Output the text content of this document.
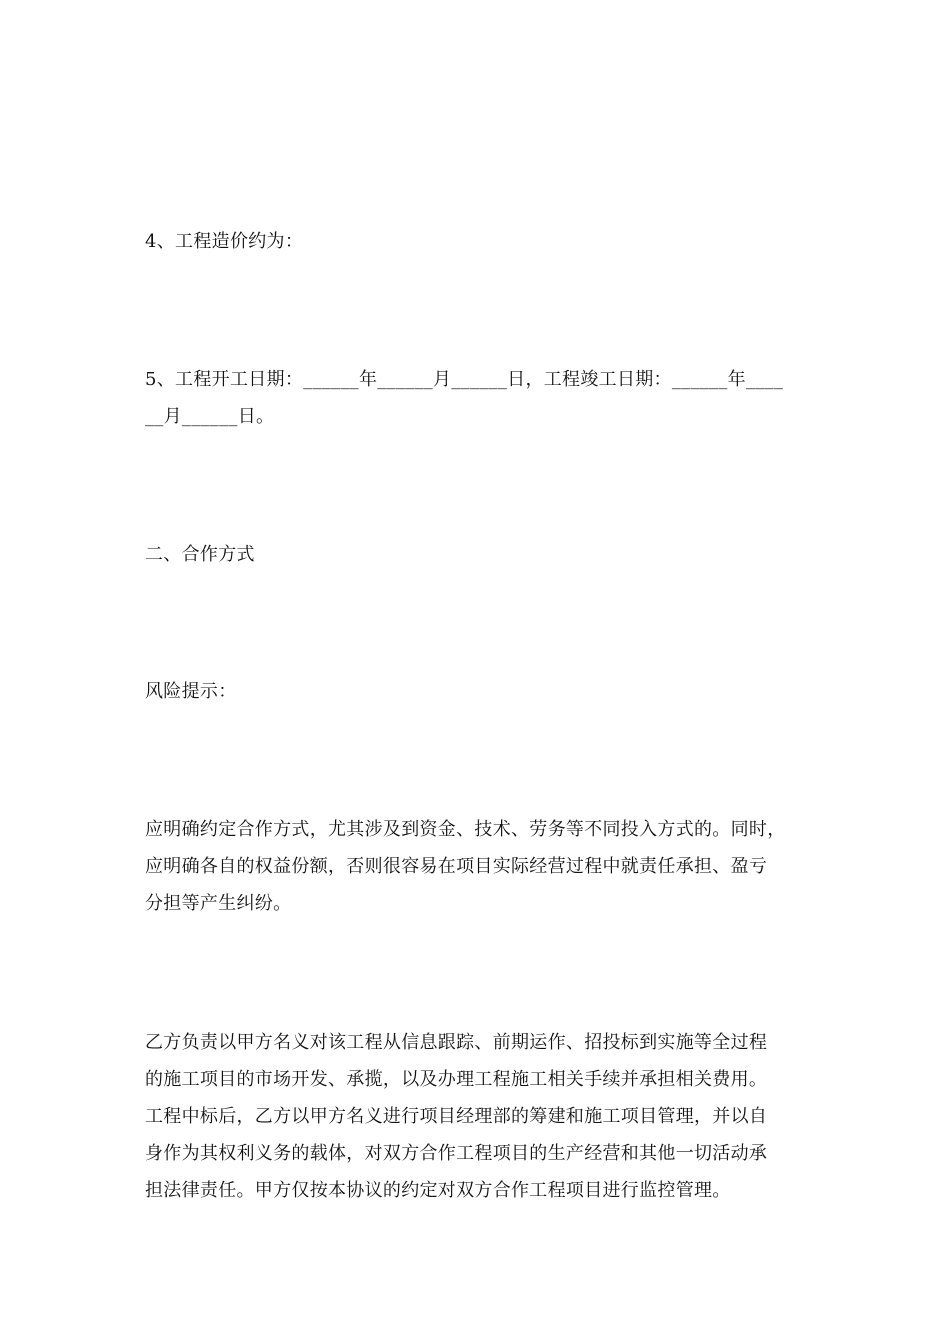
4、工程造价约为：

5、工程开工日期：______年______月______日，工程竣工日期：______年____
__月______日。

二、合作方式

风险提示：

应明确约定合作方式，尤其涉及到资金、技术、劳务等不同投入方式的。同时，
应明确各自的权益份额，否则很容易在项目实际经营过程中就责任承担、盈亏
分担等产生纠纷。

乙方负责以甲方名义对该工程从信息跟踪、前期运作、招投标到实施等全过程
的施工项目的市场开发、承揽，以及办理工程施工相关手续并承担相关费用。
工程中标后，乙方以甲方名义进行项目经理部的筹建和施工项目管理，并以自
身作为其权利义务的载体，对双方合作工程项目的生产经营和其他一切活动承
担法律责任。甲方仅按本协议的约定对双方合作工程项目进行监控管理。
